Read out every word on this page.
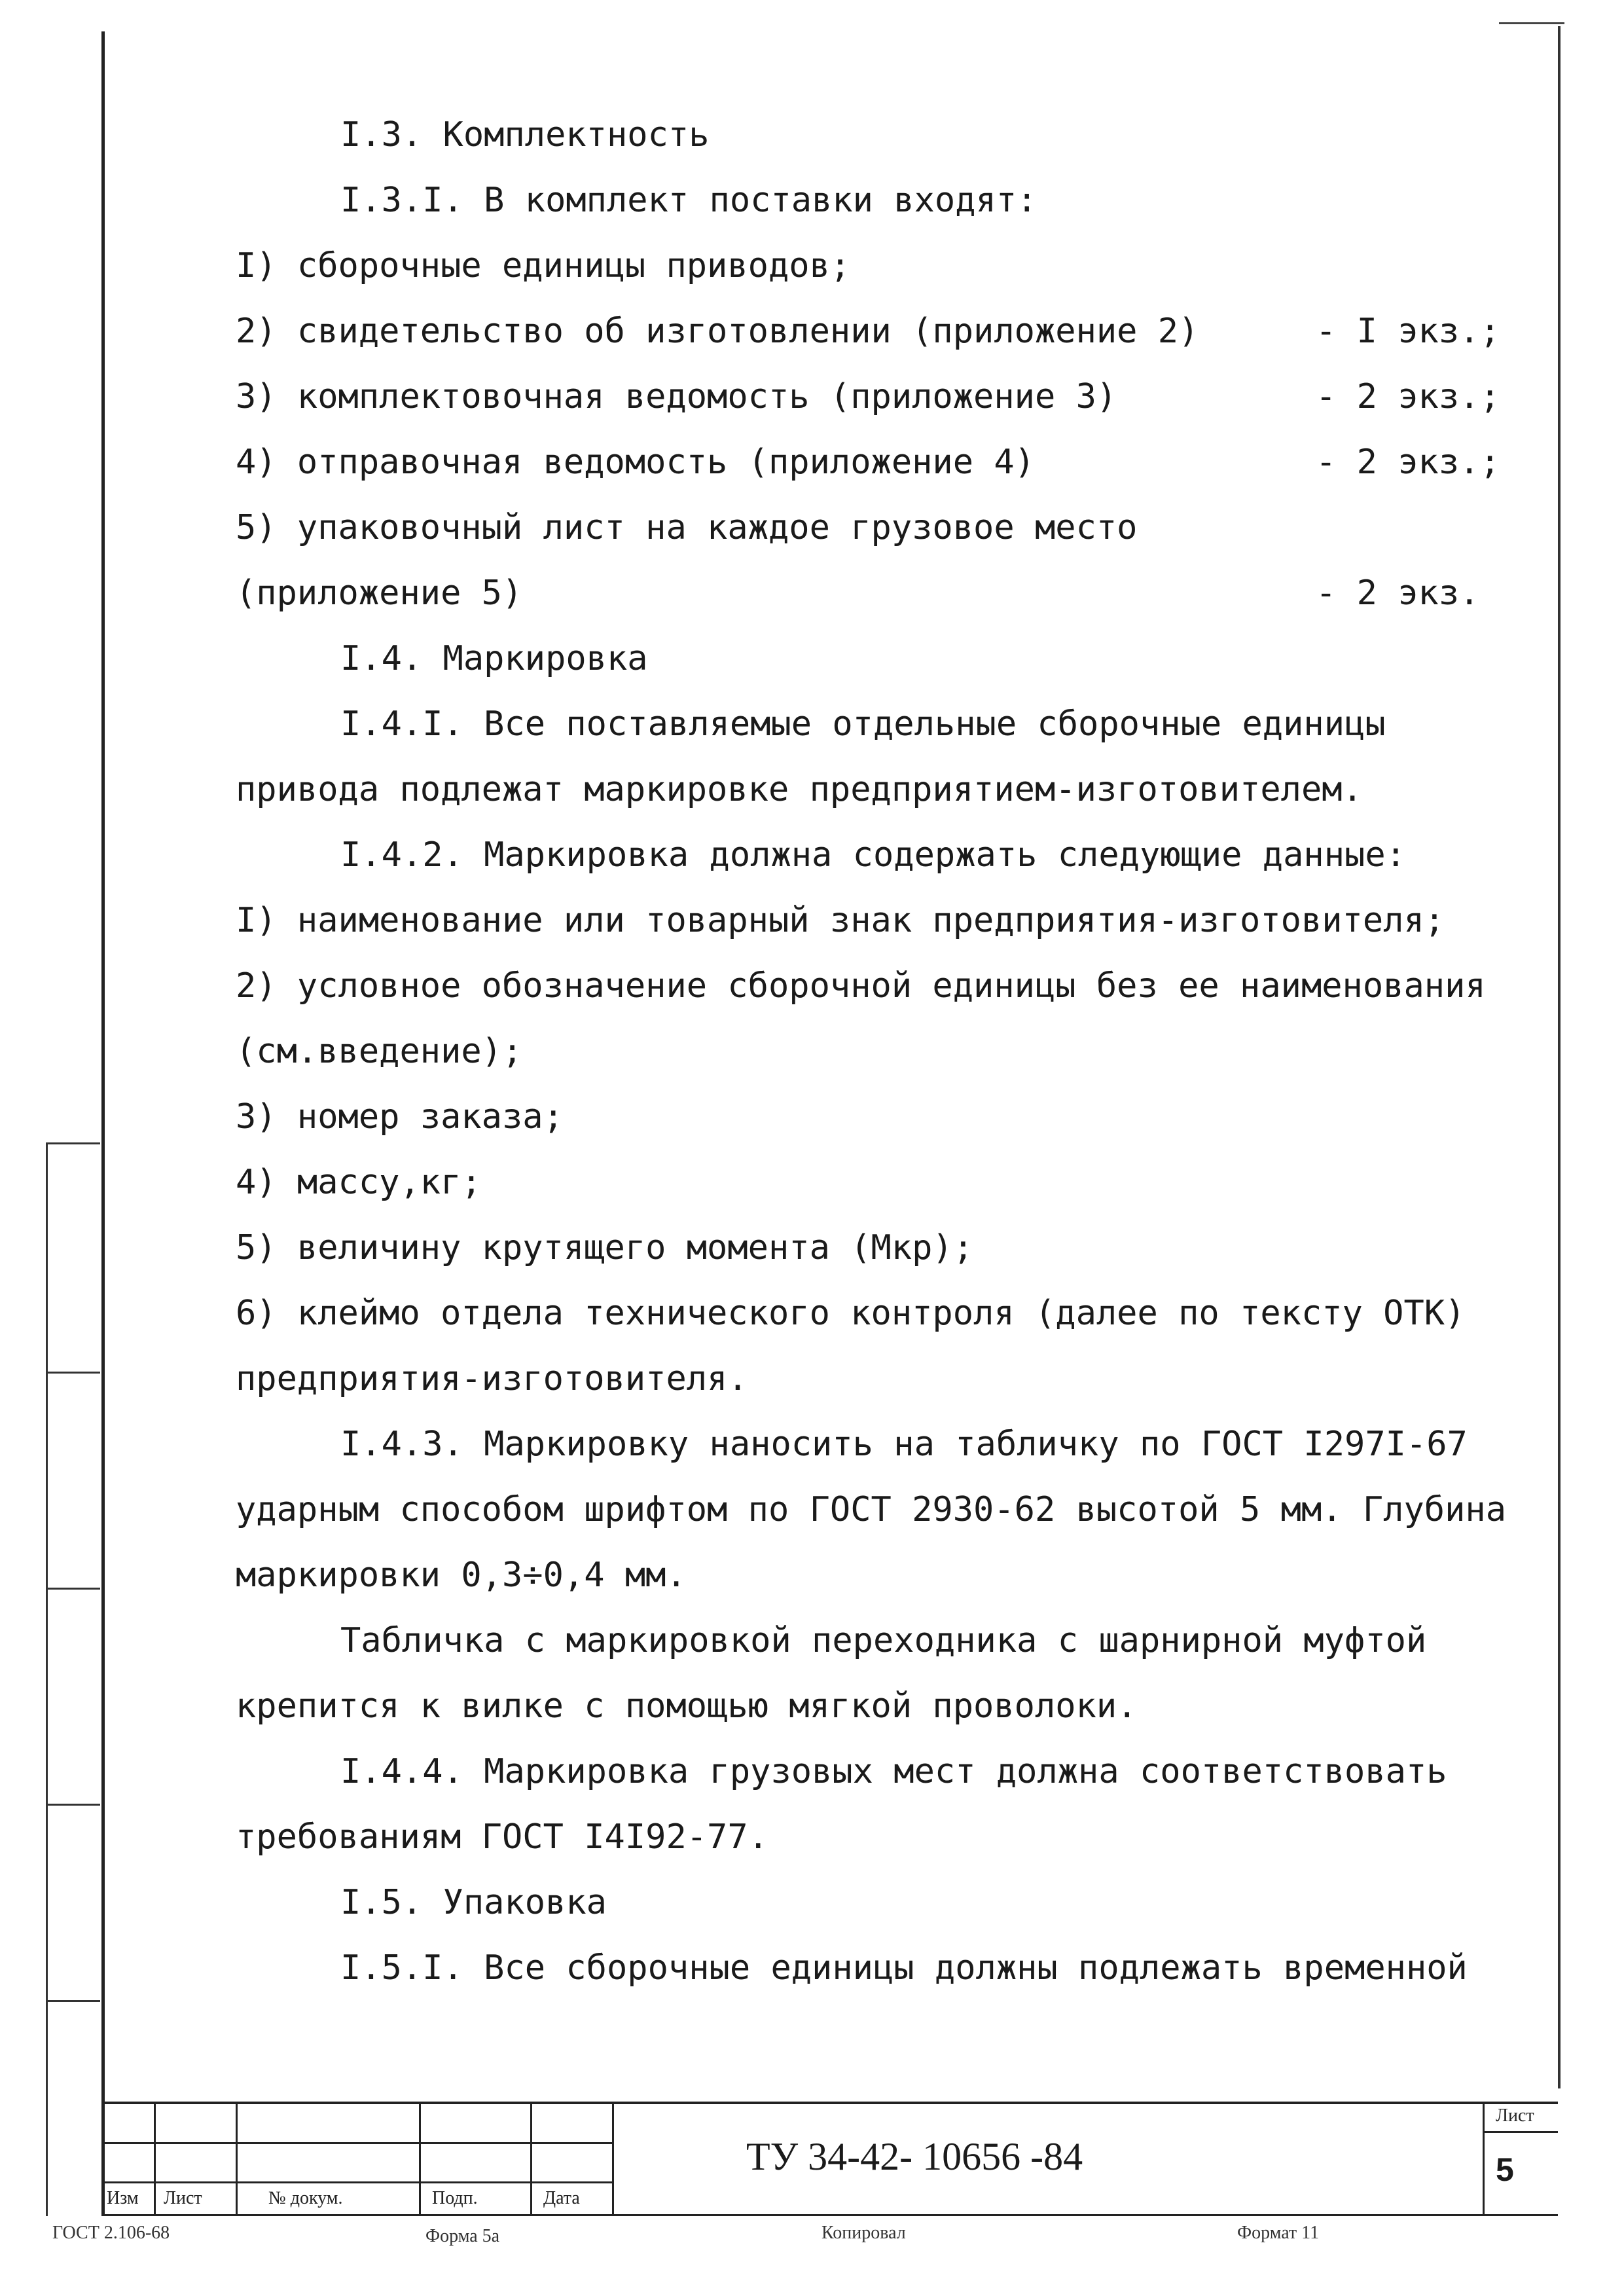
I.3. Комплектность
I.3.I. В комплект поставки входят:
I) сборочные единицы приводов;
2) свидетельство об изготовлении (приложение 2)	- I экз.;
3) комплектовочная ведомость (приложение 3)	- 2 экз.;
4) отправочная ведомость (приложение 4)	- 2 экз.;
5) упаковочный лист на каждое грузовое место
(приложение 5)	- 2 экз.
I.4. Маркировка
I.4.I. Все поставляемые отдельные сборочные единицы
привода подлежат маркировке предприятием-изготовителем.
I.4.2. Маркировка должна содержать следующие данные:
I) наименование или товарный знак предприятия-изготовителя;
2) условное обозначение сборочной единицы без ее наименования
(см.введение);
3) номер заказа;
4) массу,кг;
5) величину крутящего момента (Мкр);
6) клеймо отдела технического контроля (далее по тексту ОТК)
предприятия-изготовителя.
I.4.3. Маркировку наносить на табличку по ГОСТ I297I-67
ударным способом шрифтом по ГОСТ 2930-62 высотой 5 мм. Глубина
маркировки 0,3÷0,4 мм.
Табличка с маркировкой переходника с шарнирной муфтой
крепится к вилке с помощью мягкой проволоки.
I.4.4. Маркировка грузовых мест должна соответствовать
требованиям ГОСТ I4I92-77.
I.5. Упаковка
I.5.I. Все сборочные единицы должны подлежать временной
Изм Лист	№ докум.	Подп.	Дата
ТУ 34-42- 10656 -84
Лист
5
ГОСТ 2.106-68	Форма 5а	Копировал	Формат 11
